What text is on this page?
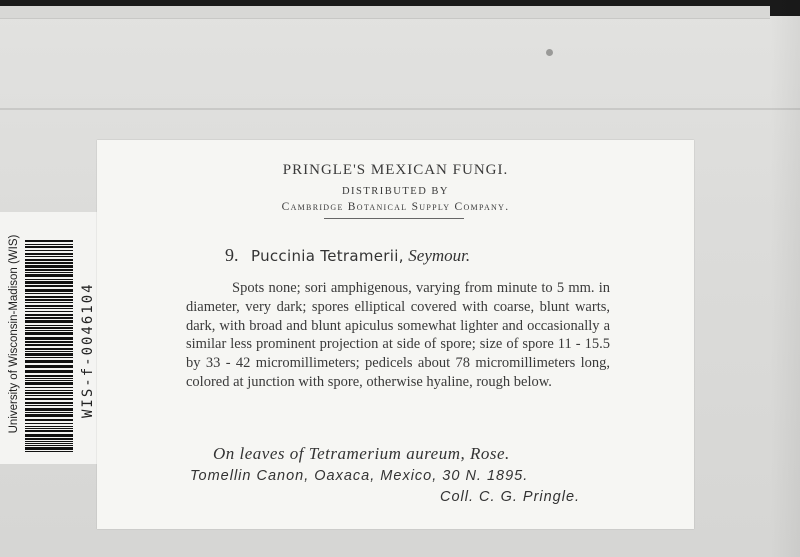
University of Wisconsin-Madison (WIS)	WIS-f-0046104
PRINGLE'S MEXICAN FUNGI.
DISTRIBUTED BY
Cambridge Botanical Supply Company.
9. Puccinia Tetramerii, Seymour.

Spots none; sori amphigenous, varying from minute to 5 mm. in diameter, very dark; spores elliptical covered with coarse, blunt warts, dark, with broad and blunt apiculus somewhat lighter and occasionally a similar less prominent projection at side of spore; size of spore 11 - 15.5 by 33 - 42 micromillimeters; pedicels about 78 micromillimeters long, colored at junction with spore, otherwise hyaline, rough below.

On leaves of Tetramerium aureum, Rose.
Tomellin Canon, Oaxaca, Mexico, 30 N. 1895.
Coll. C. G. Pringle.
